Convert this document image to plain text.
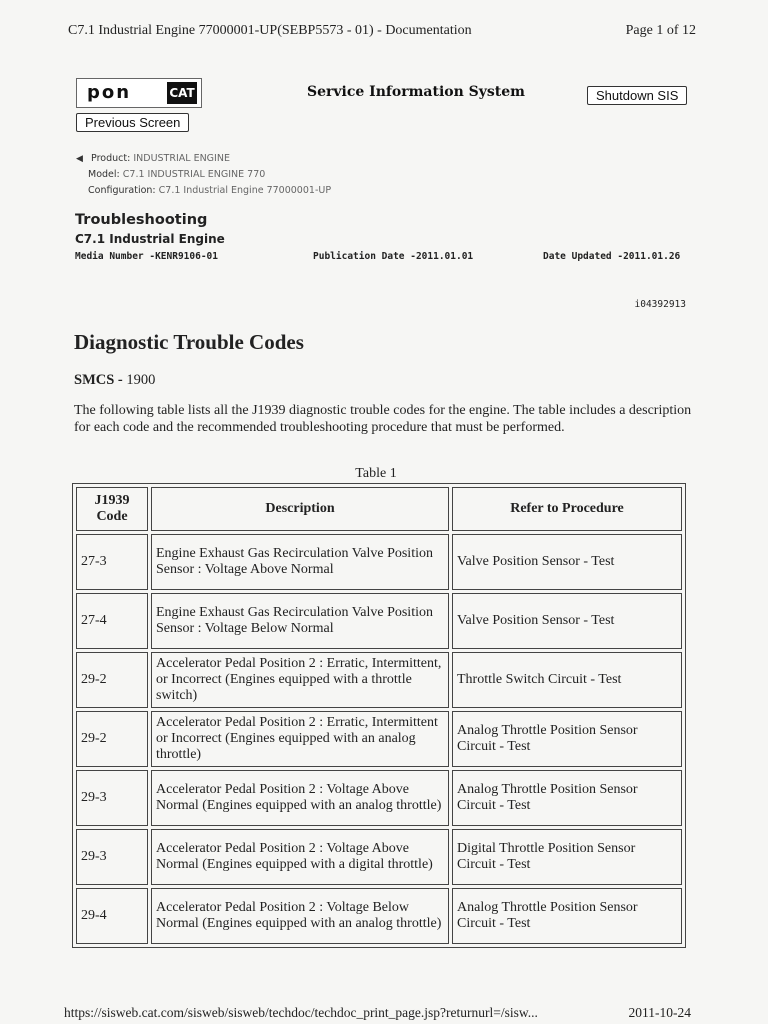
C7.1 Industrial Engine 77000001-UP(SEBP5573 - 01) - Documentation	Page 1 of 12
pon	CAT	Service Information System	Shutdown SIS
Previous Screen
◀ Product: INDUSTRIAL ENGINE
Model: C7.1 INDUSTRIAL ENGINE 770
Configuration: C7.1 Industrial Engine 77000001-UP
Troubleshooting
C7.1 Industrial Engine
Media Number -KENR9106-01	Publication Date -2011.01.01	Date Updated -2011.01.26
i04392913
Diagnostic Trouble Codes
SMCS - 1900
The following table lists all the J1939 diagnostic trouble codes for the engine. The table includes a description for each code and the recommended troubleshooting procedure that must be performed.
Table 1
J1939 Code	Description	Refer to Procedure
27-3	Engine Exhaust Gas Recirculation Valve Position Sensor : Voltage Above Normal	Valve Position Sensor - Test
27-4	Engine Exhaust Gas Recirculation Valve Position Sensor : Voltage Below Normal	Valve Position Sensor - Test
29-2	Accelerator Pedal Position 2 : Erratic, Intermittent, or Incorrect (Engines equipped with a throttle switch)	Throttle Switch Circuit - Test
29-2	Accelerator Pedal Position 2 : Erratic, Intermittent or Incorrect (Engines equipped with an analog throttle)	Analog Throttle Position Sensor Circuit - Test
29-3	Accelerator Pedal Position 2 : Voltage Above Normal (Engines equipped with an analog throttle)	Analog Throttle Position Sensor Circuit - Test
29-3	Accelerator Pedal Position 2 : Voltage Above Normal (Engines equipped with a digital throttle)	Digital Throttle Position Sensor Circuit - Test
29-4	Accelerator Pedal Position 2 : Voltage Below Normal (Engines equipped with an analog throttle)	Analog Throttle Position Sensor Circuit - Test
https://sisweb.cat.com/sisweb/sisweb/techdoc/techdoc_print_page.jsp?returnurl=/sisw...	2011-10-24
